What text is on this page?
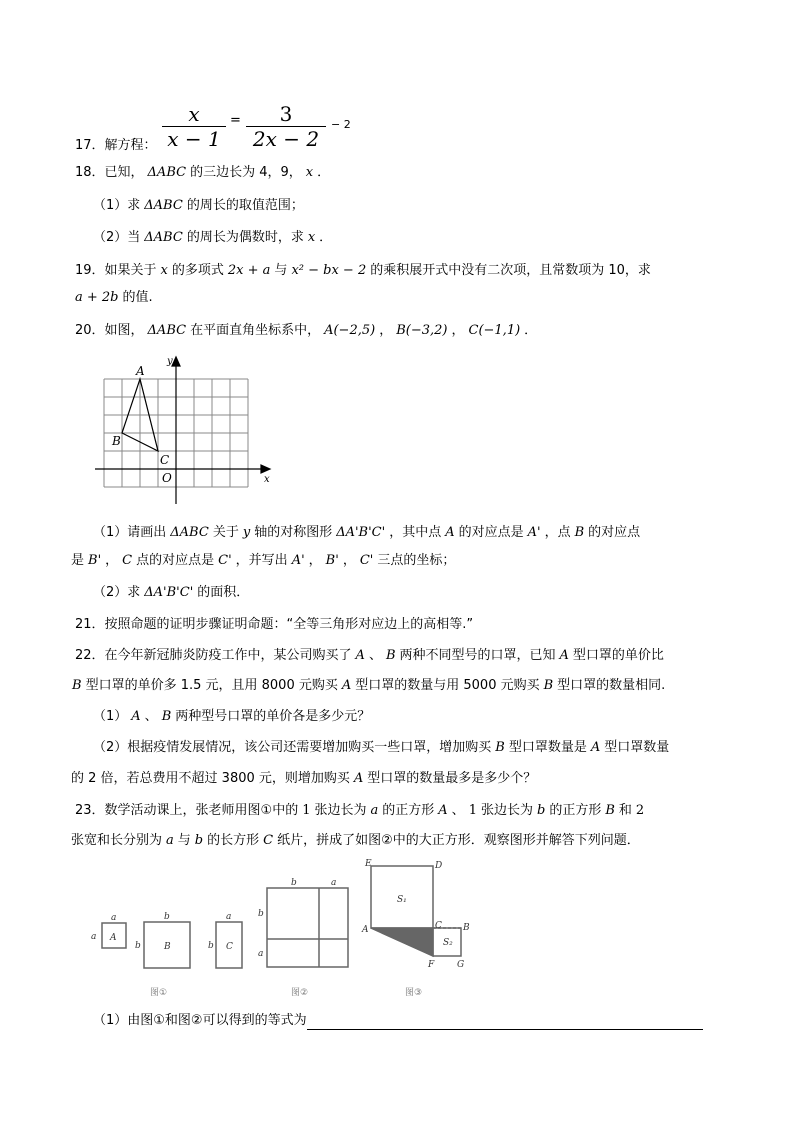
17．解方程：
x
x − 1
=	3
2x − 2
− 2
18．已知， ΔABC 的三边长为 4，9， x ．
（1）求 ΔABC 的周长的取值范围；
（2）当 ΔABC 的周长为偶数时，求 x ．
19．如果关于 x 的多项式 2x + a 与 x² − bx − 2 的乘积展开式中没有二次项，且常数项为 10，求
a + 2b 的值.
20．如图， ΔABC 在平面直角坐标系中， A(−2,5) ， B(−3,2) ， C(−1,1) ．
A
B
C
O	x
y
a
a A
b
b	B
a
b C
b	a
b
a
E	D
A	C B
F	G
S₁
S₂
图①	图②	图③
（1）请画出 ΔABC 关于 y 轴的对称图形 ΔA'B'C' ，其中点 A 的对应点是 A' ，点 B 的对应点
是 B' ， C 点的对应点是 C' ，并写出 A' ， B' ， C' 三点的坐标；
（2）求 ΔA'B'C' 的面积．
21．按照命题的证明步骤证明命题：“全等三角形对应边上的高相等.”
22．在今年新冠肺炎防疫工作中，某公司购买了 A 、 B 两种不同型号的口罩，已知 A 型口罩的单价比
B 型口罩的单价多 1.5 元，且用 8000 元购买 A 型口罩的数量与用 5000 元购买 B 型口罩的数量相同.
（1） A 、 B 两种型号口罩的单价各是多少元？
（2）根据疫情发展情况，该公司还需要增加购买一些口罩，增加购买 B 型口罩数量是 A 型口罩数量
的 2 倍，若总费用不超过 3800 元，则增加购买 A 型口罩的数量最多是多少个？
23．数学活动课上，张老师用图①中的 1 张边长为 a 的正方形 A 、 1 张边长为 b 的正方形 B 和 2
张宽和长分别为 a 与 b 的长方形 C 纸片，拼成了如图②中的大正方形．观察图形并解答下列问题．
（1）由图①和图②可以得到的等式为
